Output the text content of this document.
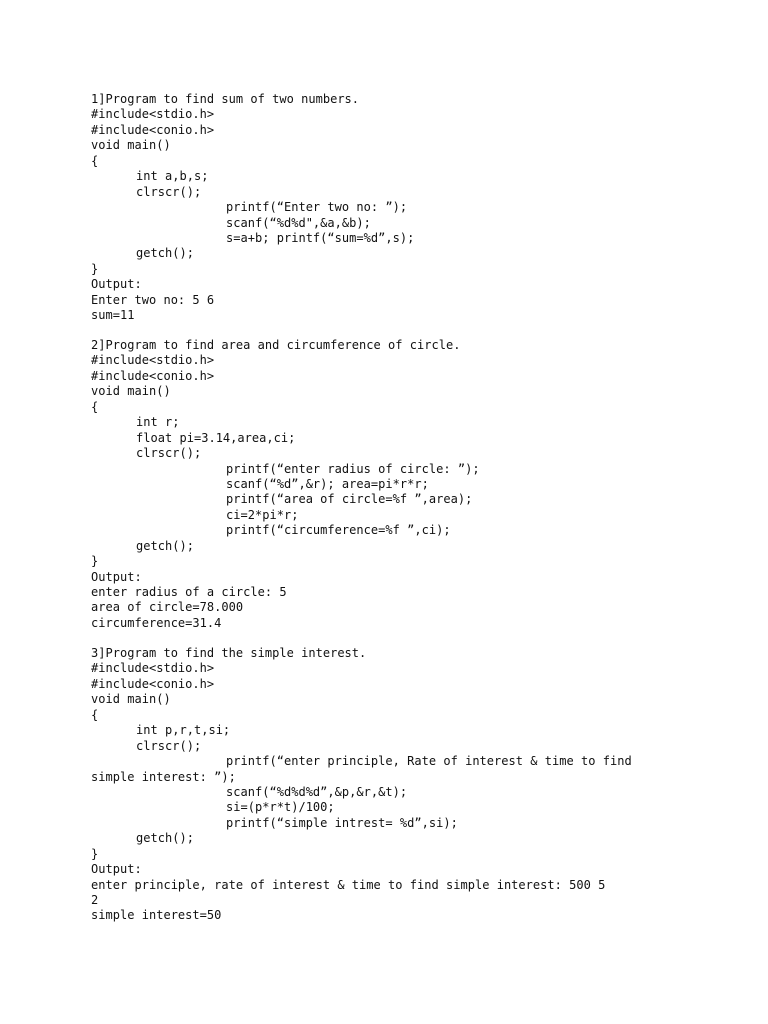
1]Program to find sum of two numbers.
#include<stdio.h>
#include<conio.h>
void main()
{
int a,b,s;
clrscr();
printf(“Enter two no: ”);
scanf(“%d%d",&a,&b);
s=a+b; printf(“sum=%d”,s);
getch();
}
Output:
Enter two no: 5 6
sum=11
2]Program to find area and circumference of circle.
#include<stdio.h>
#include<conio.h>
void main()
{
int r;
float pi=3.14,area,ci;
clrscr();
printf(“enter radius of circle: ”);
scanf(“%d”,&r); area=pi*r*r;
printf(“area of circle=%f ”,area);
ci=2*pi*r;
printf(“circumference=%f ”,ci);
getch();
}
Output:
enter radius of a circle: 5
area of circle=78.000
circumference=31.4
3]Program to find the simple interest.
#include<stdio.h>
#include<conio.h>
void main()
{
int p,r,t,si;
clrscr();
printf(“enter principle, Rate of interest & time to find
simple interest: ”);
scanf(“%d%d%d”,&p,&r,&t);
si=(p*r*t)/100;
printf(“simple intrest= %d”,si);
getch();
}
Output:
enter principle, rate of interest & time to find simple interest: 500 5
2
simple interest=50
